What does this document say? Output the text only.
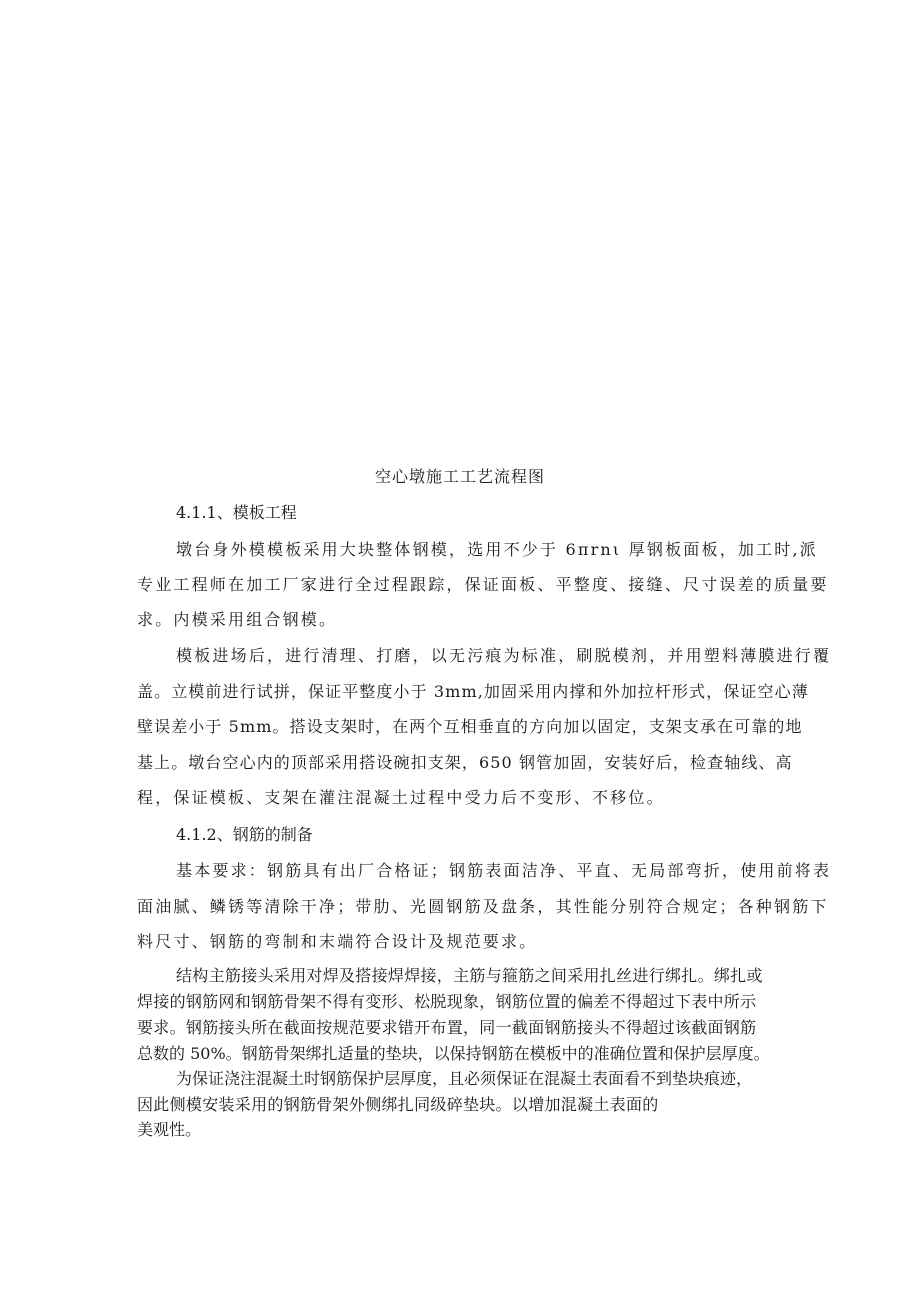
空心墩施工工艺流程图
4.1.1、模板工程
墩台身外模模板采用大块整体钢模，选用不少于 6πrnι 厚钢板面板，加工时,派
专业工程师在加工厂家进行全过程跟踪，保证面板、平整度、接缝、尺寸误差的质量要
求。内模采用组合钢模。
模板进场后，进行清理、打磨，以无污痕为标准，刷脱模剂，并用塑料薄膜进行覆
盖。立模前进行试拼，保证平整度小于 3mm,加固采用内撑和外加拉杆形式，保证空心薄
壁误差小于 5mm。搭设支架时，在两个互相垂直的方向加以固定，支架支承在可靠的地
基上。墩台空心内的顶部采用搭设碗扣支架，650 钢管加固，安装好后，检查轴线、高
程，保证模板、支架在灌注混凝土过程中受力后不变形、不移位。
4.1.2、钢筋的制备
基本要求：钢筋具有出厂合格证；钢筋表面洁净、平直、无局部弯折，使用前将表
面油腻、鳞锈等清除干净；带肋、光圆钢筋及盘条，其性能分别符合规定；各种钢筋下
料尺寸、钢筋的弯制和末端符合设计及规范要求。
结构主筋接头采用对焊及搭接焊焊接，主筋与箍筋之间采用扎丝进行绑扎。绑扎或
焊接的钢筋网和钢筋骨架不得有变形、松脱现象，钢筋位置的偏差不得超过下表中所示
要求。钢筋接头所在截面按规范要求错开布置，同一截面钢筋接头不得超过该截面钢筋
总数的 50%。钢筋骨架绑扎适量的垫块，以保持钢筋在模板中的准确位置和保护层厚度。
为保证浇注混凝土时钢筋保护层厚度，且必须保证在混凝土表面看不到垫块痕迹，
因此侧模安装采用的钢筋骨架外侧绑扎同级碎垫块。以增加混凝土表面的
美观性。
